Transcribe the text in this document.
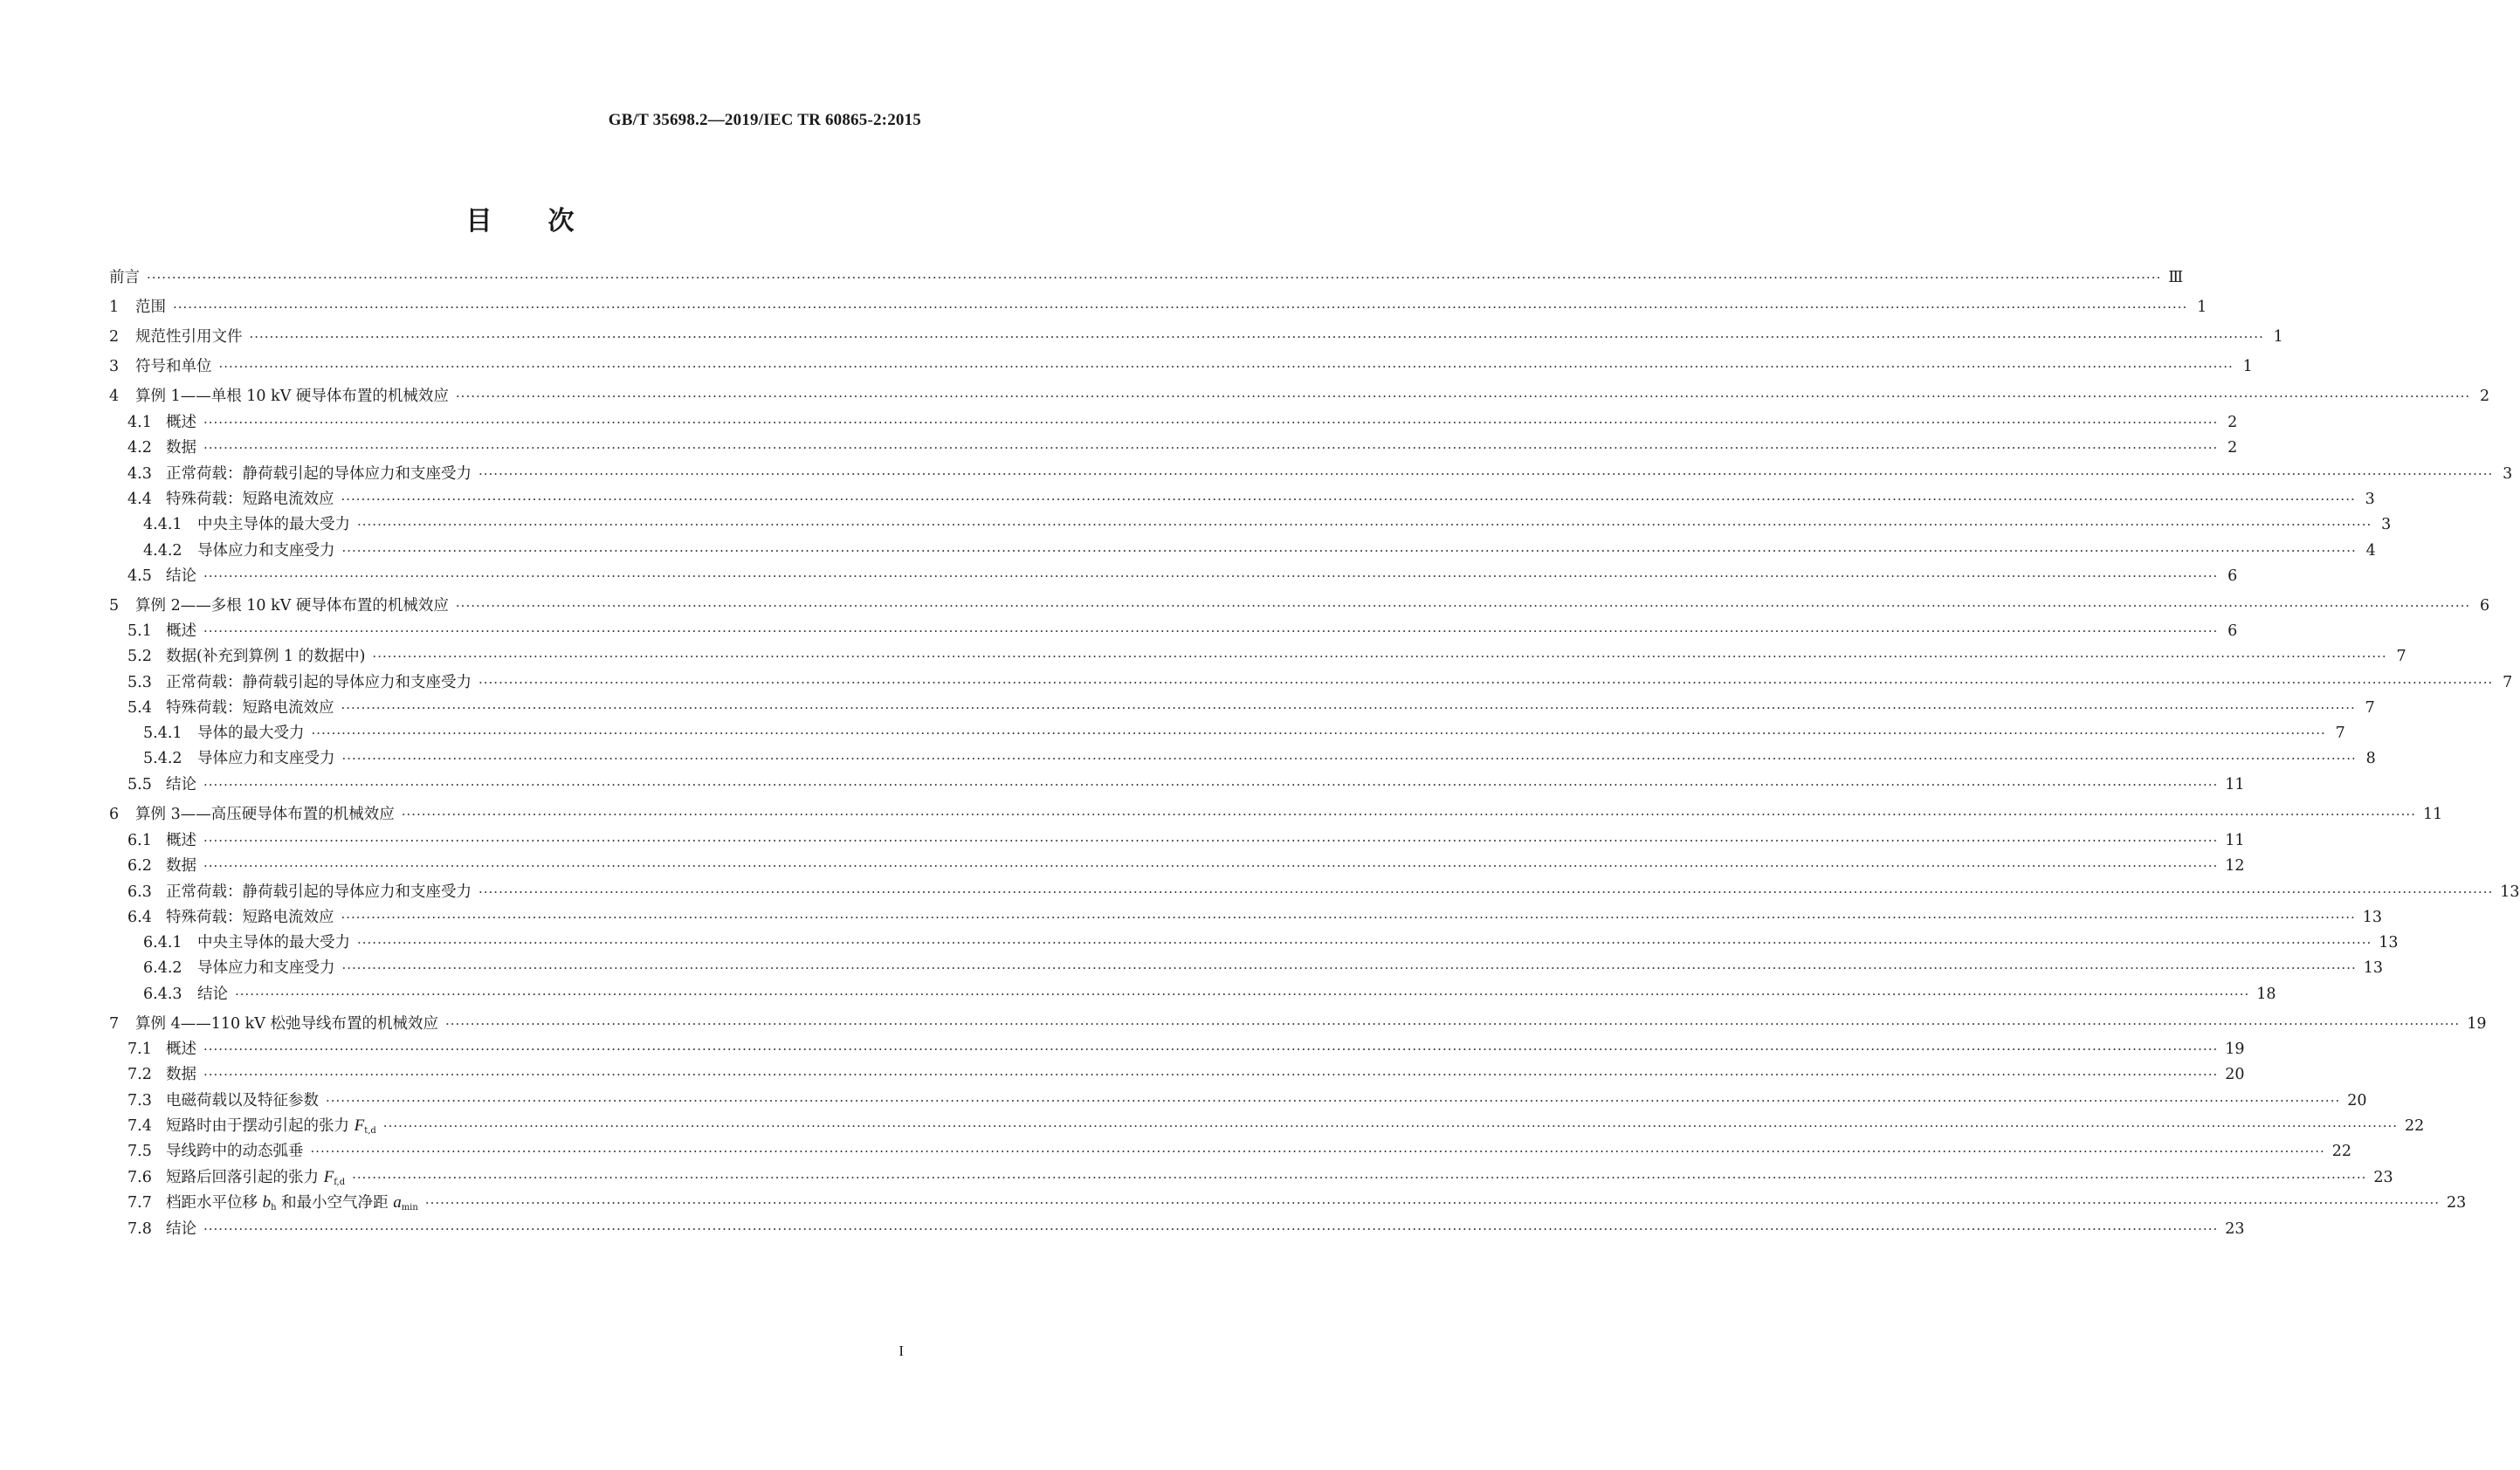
GB/T 35698.2—2019/IEC TR 60865-2:2015
目 次
前言 ················································································································································································································································································································································································································ Ⅲ
1 范围 ················································································································································································································································································································································································································ 1
2 规范性引用文件 ················································································································································································································································································································································································································ 1
3 符号和单位 ················································································································································································································································································································································································································ 1
4 算例 1——单根 10 kV 硬导体布置的机械效应 ················································································································································································································································································································································································································ 2
4.1 概述 ················································································································································································································································································································································································································ 2
4.2 数据 ················································································································································································································································································································································································································ 2
4.3 正常荷载：静荷载引起的导体应力和支座受力 ················································································································································································································································································································································································································ 3
4.4 特殊荷载：短路电流效应 ················································································································································································································································································································································································································ 3
4.4.1 中央主导体的最大受力 ················································································································································································································································································································································································································ 3
4.4.2 导体应力和支座受力 ················································································································································································································································································································································································································ 4
4.5 结论 ················································································································································································································································································································································································································ 6
5 算例 2——多根 10 kV 硬导体布置的机械效应 ················································································································································································································································································································································································································ 6
5.1 概述 ················································································································································································································································································································································································································ 6
5.2 数据(补充到算例 1 的数据中) ················································································································································································································································································································································································································ 7
5.3 正常荷载：静荷载引起的导体应力和支座受力 ················································································································································································································································································································································································································ 7
5.4 特殊荷载：短路电流效应 ················································································································································································································································································································································································································ 7
5.4.1 导体的最大受力 ················································································································································································································································································································································································································ 7
5.4.2 导体应力和支座受力 ················································································································································································································································································································································································································ 8
5.5 结论 ················································································································································································································································································································································································································ 11
6 算例 3——高压硬导体布置的机械效应 ················································································································································································································································································································································································································ 11
6.1 概述 ················································································································································································································································································································································································································ 11
6.2 数据 ················································································································································································································································································································································································································ 12
6.3 正常荷载：静荷载引起的导体应力和支座受力 ················································································································································································································································································································································································································ 13
6.4 特殊荷载：短路电流效应 ················································································································································································································································································································································································································ 13
6.4.1 中央主导体的最大受力 ················································································································································································································································································································································································································ 13
6.4.2 导体应力和支座受力 ················································································································································································································································································································································································································ 13
6.4.3 结论 ················································································································································································································································································································································································································ 18
7 算例 4——110 kV 松弛导线布置的机械效应 ················································································································································································································································································································································································································ 19
7.1 概述 ················································································································································································································································································································································································································ 19
7.2 数据 ················································································································································································································································································································································································································ 20
7.3 电磁荷载以及特征参数 ················································································································································································································································································································································································································ 20
7.4 短路时由于摆动引起的张力 $F_{t,d}$ ················································································································································································································································································································································································································ 22
7.5 导线跨中的动态弧垂 ················································································································································································································································································································································································································ 22
7.6 短路后回落引起的张力 $F_{f,d}$ ················································································································································································································································································································································································································ 23
7.7 档距水平位移 $b_h$ 和最小空气净距 $a_{min}$ ················································································································································································································································································································································································································ 23
7.8 结论 ················································································································································································································································································································································································································ 23
I
